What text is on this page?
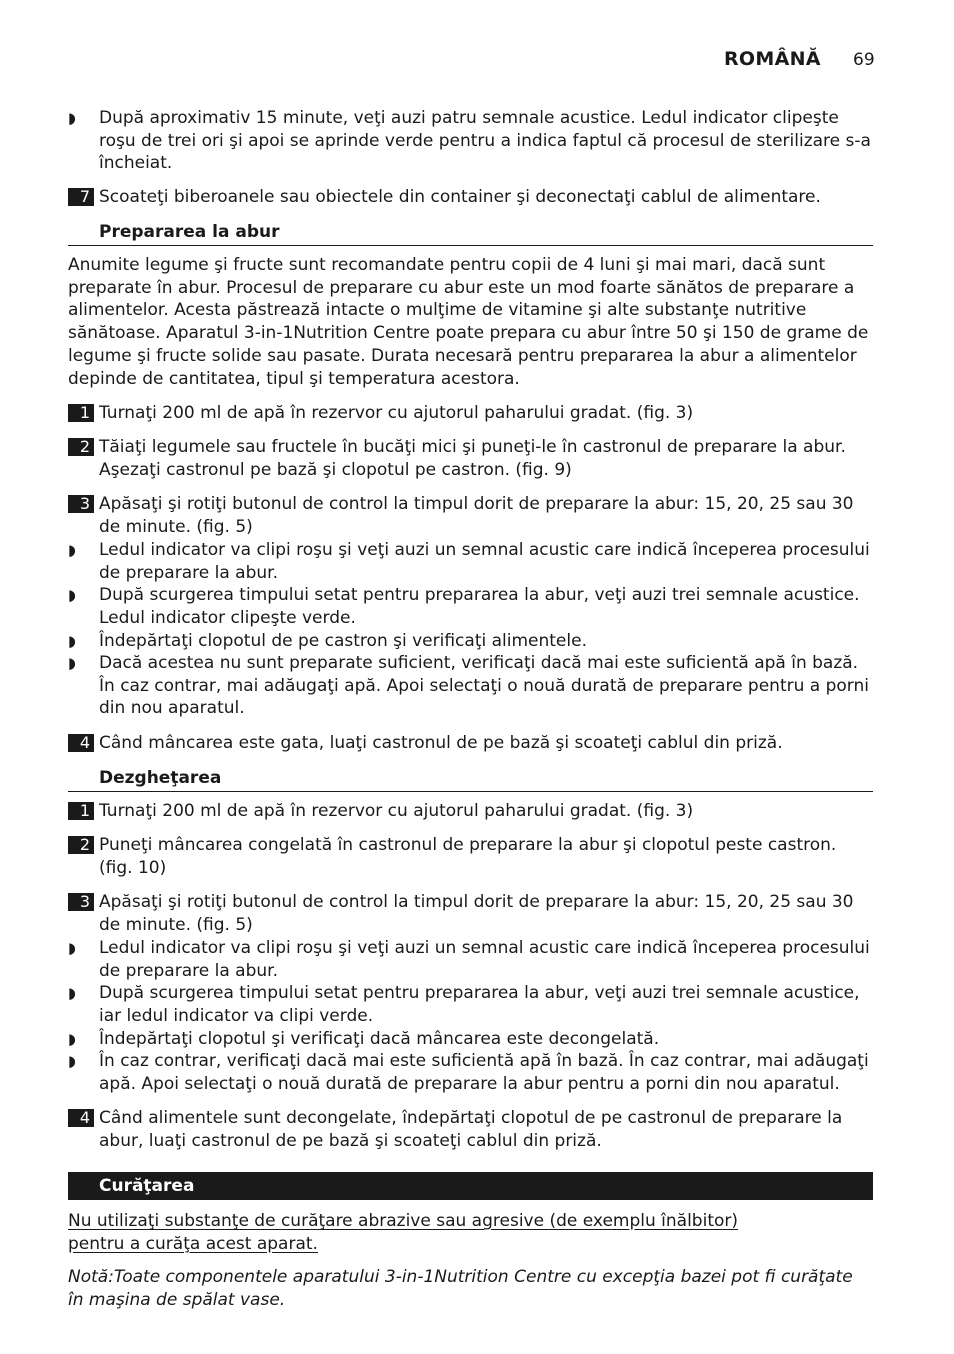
ROMÂNĂ 69
◗
După aproximativ 15 minute, veţi auzi patru semnale acustice. Ledul indicator clipeşte roşu de trei ori şi apoi se aprinde verde pentru a indica faptul că procesul de sterilizare s-a încheiat.
7 Scoateţi biberoanele sau obiectele din container şi deconectaţi cablul de alimentare.
Prepararea la abur
Anumite legume şi fructe sunt recomandate pentru copii de 4 luni şi mai mari, dacă sunt preparate în abur. Procesul de preparare cu abur este un mod foarte sănătos de preparare a alimentelor. Acesta păstrează intacte o mulţime de vitamine şi alte substanţe nutritive sănătoase. Aparatul 3-in-1Nutrition Centre poate prepara cu abur între 50 şi 150 de grame de legume şi fructe solide sau pasate. Durata necesară pentru prepararea la abur a alimentelor depinde de cantitatea, tipul şi temperatura acestora.
1 Turnaţi 200 ml de apă în rezervor cu ajutorul paharului gradat. (fig. 3)
2 Tăiaţi legumele sau fructele în bucăţi mici şi puneţi-le în castronul de preparare la abur. Aşezaţi castronul pe bază şi clopotul pe castron. (fig. 9)
3 Apăsaţi şi rotiţi butonul de control la timpul dorit de preparare la abur: 15, 20, 25 sau 30 de minute. (fig. 5)
◗
Ledul indicator va clipi roşu şi veţi auzi un semnal acustic care indică începerea procesului de preparare la abur.
◗
După scurgerea timpului setat pentru prepararea la abur, veţi auzi trei semnale acustice. Ledul indicator clipeşte verde.
◗
Îndepărtaţi clopotul de pe castron şi verificaţi alimentele.
◗
Dacă acestea nu sunt preparate suficient, verificaţi dacă mai este suficientă apă în bază. În caz contrar, mai adăugaţi apă. Apoi selectaţi o nouă durată de preparare pentru a porni din nou aparatul.
4 Când mâncarea este gata, luaţi castronul de pe bază şi scoateţi cablul din priză.
Dezgheţarea
1 Turnaţi 200 ml de apă în rezervor cu ajutorul paharului gradat. (fig. 3)
2 Puneţi mâncarea congelată în castronul de preparare la abur şi clopotul peste castron. (fig. 10)
3 Apăsaţi şi rotiţi butonul de control la timpul dorit de preparare la abur: 15, 20, 25 sau 30 de minute. (fig. 5)
◗
Ledul indicator va clipi roşu şi veţi auzi un semnal acustic care indică începerea procesului de preparare la abur.
◗
După scurgerea timpului setat pentru prepararea la abur, veţi auzi trei semnale acustice, iar ledul indicator va clipi verde.
◗
Îndepărtaţi clopotul şi verificaţi dacă mâncarea este decongelată.
◗
În caz contrar, verificaţi dacă mai este suficientă apă în bază. În caz contrar, mai adăugaţi apă. Apoi selectaţi o nouă durată de preparare la abur pentru a porni din nou aparatul.
4 Când alimentele sunt decongelate, îndepărtaţi clopotul de pe castronul de preparare la abur, luaţi castronul de pe bază şi scoateţi cablul din priză.
Curăţarea
Nu utilizaţi substanţe de curăţare abrazive sau agresive (de exemplu înălbitor) pentru a curăţa acest aparat.
Notă:Toate componentele aparatului 3-in-1Nutrition Centre cu excepţia bazei pot fi curăţate în maşina de spălat vase.
